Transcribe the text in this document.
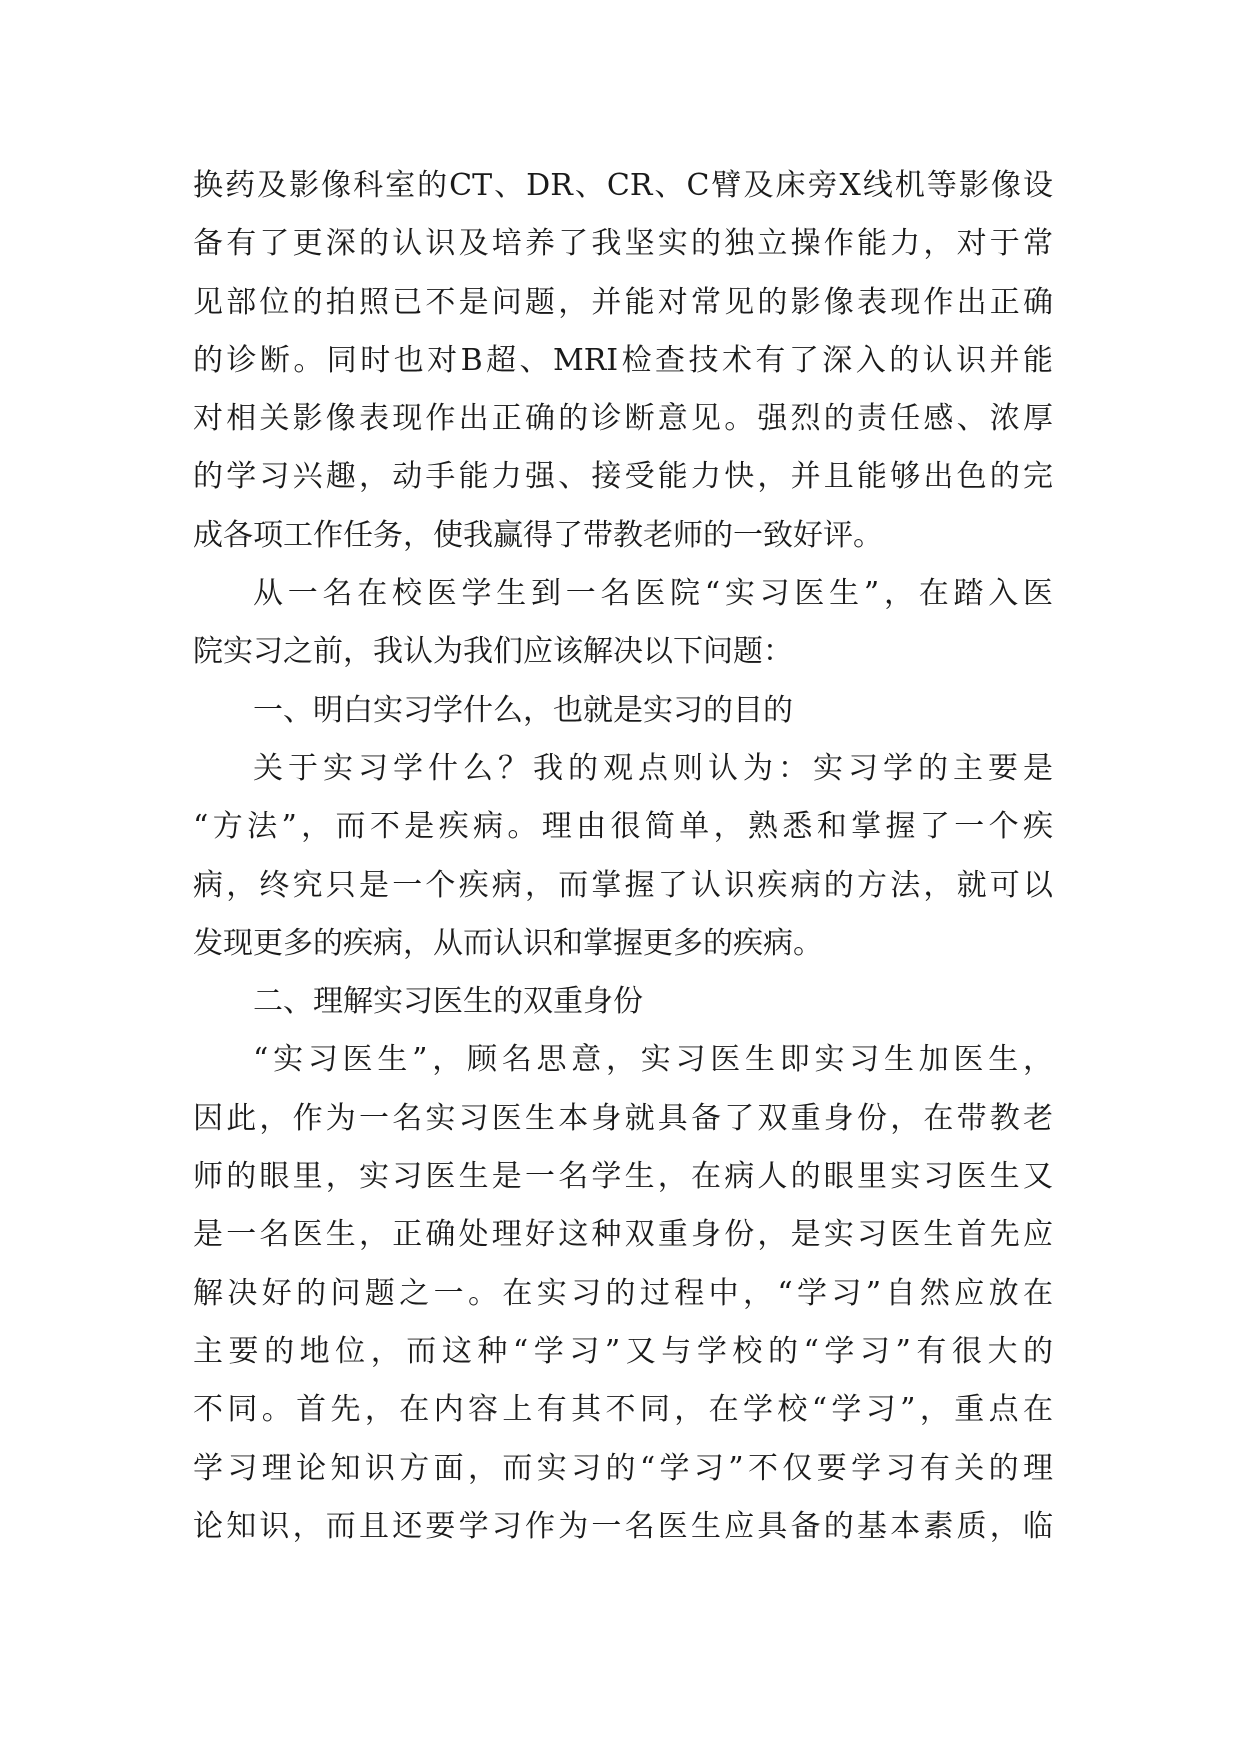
换药及影像科室的CT、DR、CR、C臂及床旁X线机等影像设
备有了更深的认识及培养了我坚实的独立操作能力，对于常
见部位的拍照已不是问题，并能对常见的影像表现作出正确
的诊断。同时也对B超、MRI检查技术有了深入的认识并能
对相关影像表现作出正确的诊断意见。强烈的责任感、浓厚
的学习兴趣，动手能力强、接受能力快，并且能够出色的完
成各项工作任务，使我赢得了带教老师的一致好评。
从一名在校医学生到一名医院“实习医生”，在踏入医
院实习之前，我认为我们应该解决以下问题：
一、明白实习学什么，也就是实习的目的
关于实习学什么？我的观点则认为：实习学的主要是
“方法”，而不是疾病。理由很简单，熟悉和掌握了一个疾
病，终究只是一个疾病，而掌握了认识疾病的方法，就可以
发现更多的疾病，从而认识和掌握更多的疾病。
二、理解实习医生的双重身份
“实习医生”，顾名思意，实习医生即实习生加医生，
因此，作为一名实习医生本身就具备了双重身份，在带教老
师的眼里，实习医生是一名学生，在病人的眼里实习医生又
是一名医生，正确处理好这种双重身份，是实习医生首先应
解决好的问题之一。在实习的过程中，“学习”自然应放在
主要的地位，而这种“学习”又与学校的“学习”有很大的
不同。首先，在内容上有其不同，在学校“学习”，重点在
学习理论知识方面，而实习的“学习”不仅要学习有关的理
论知识，而且还要学习作为一名医生应具备的基本素质，临
